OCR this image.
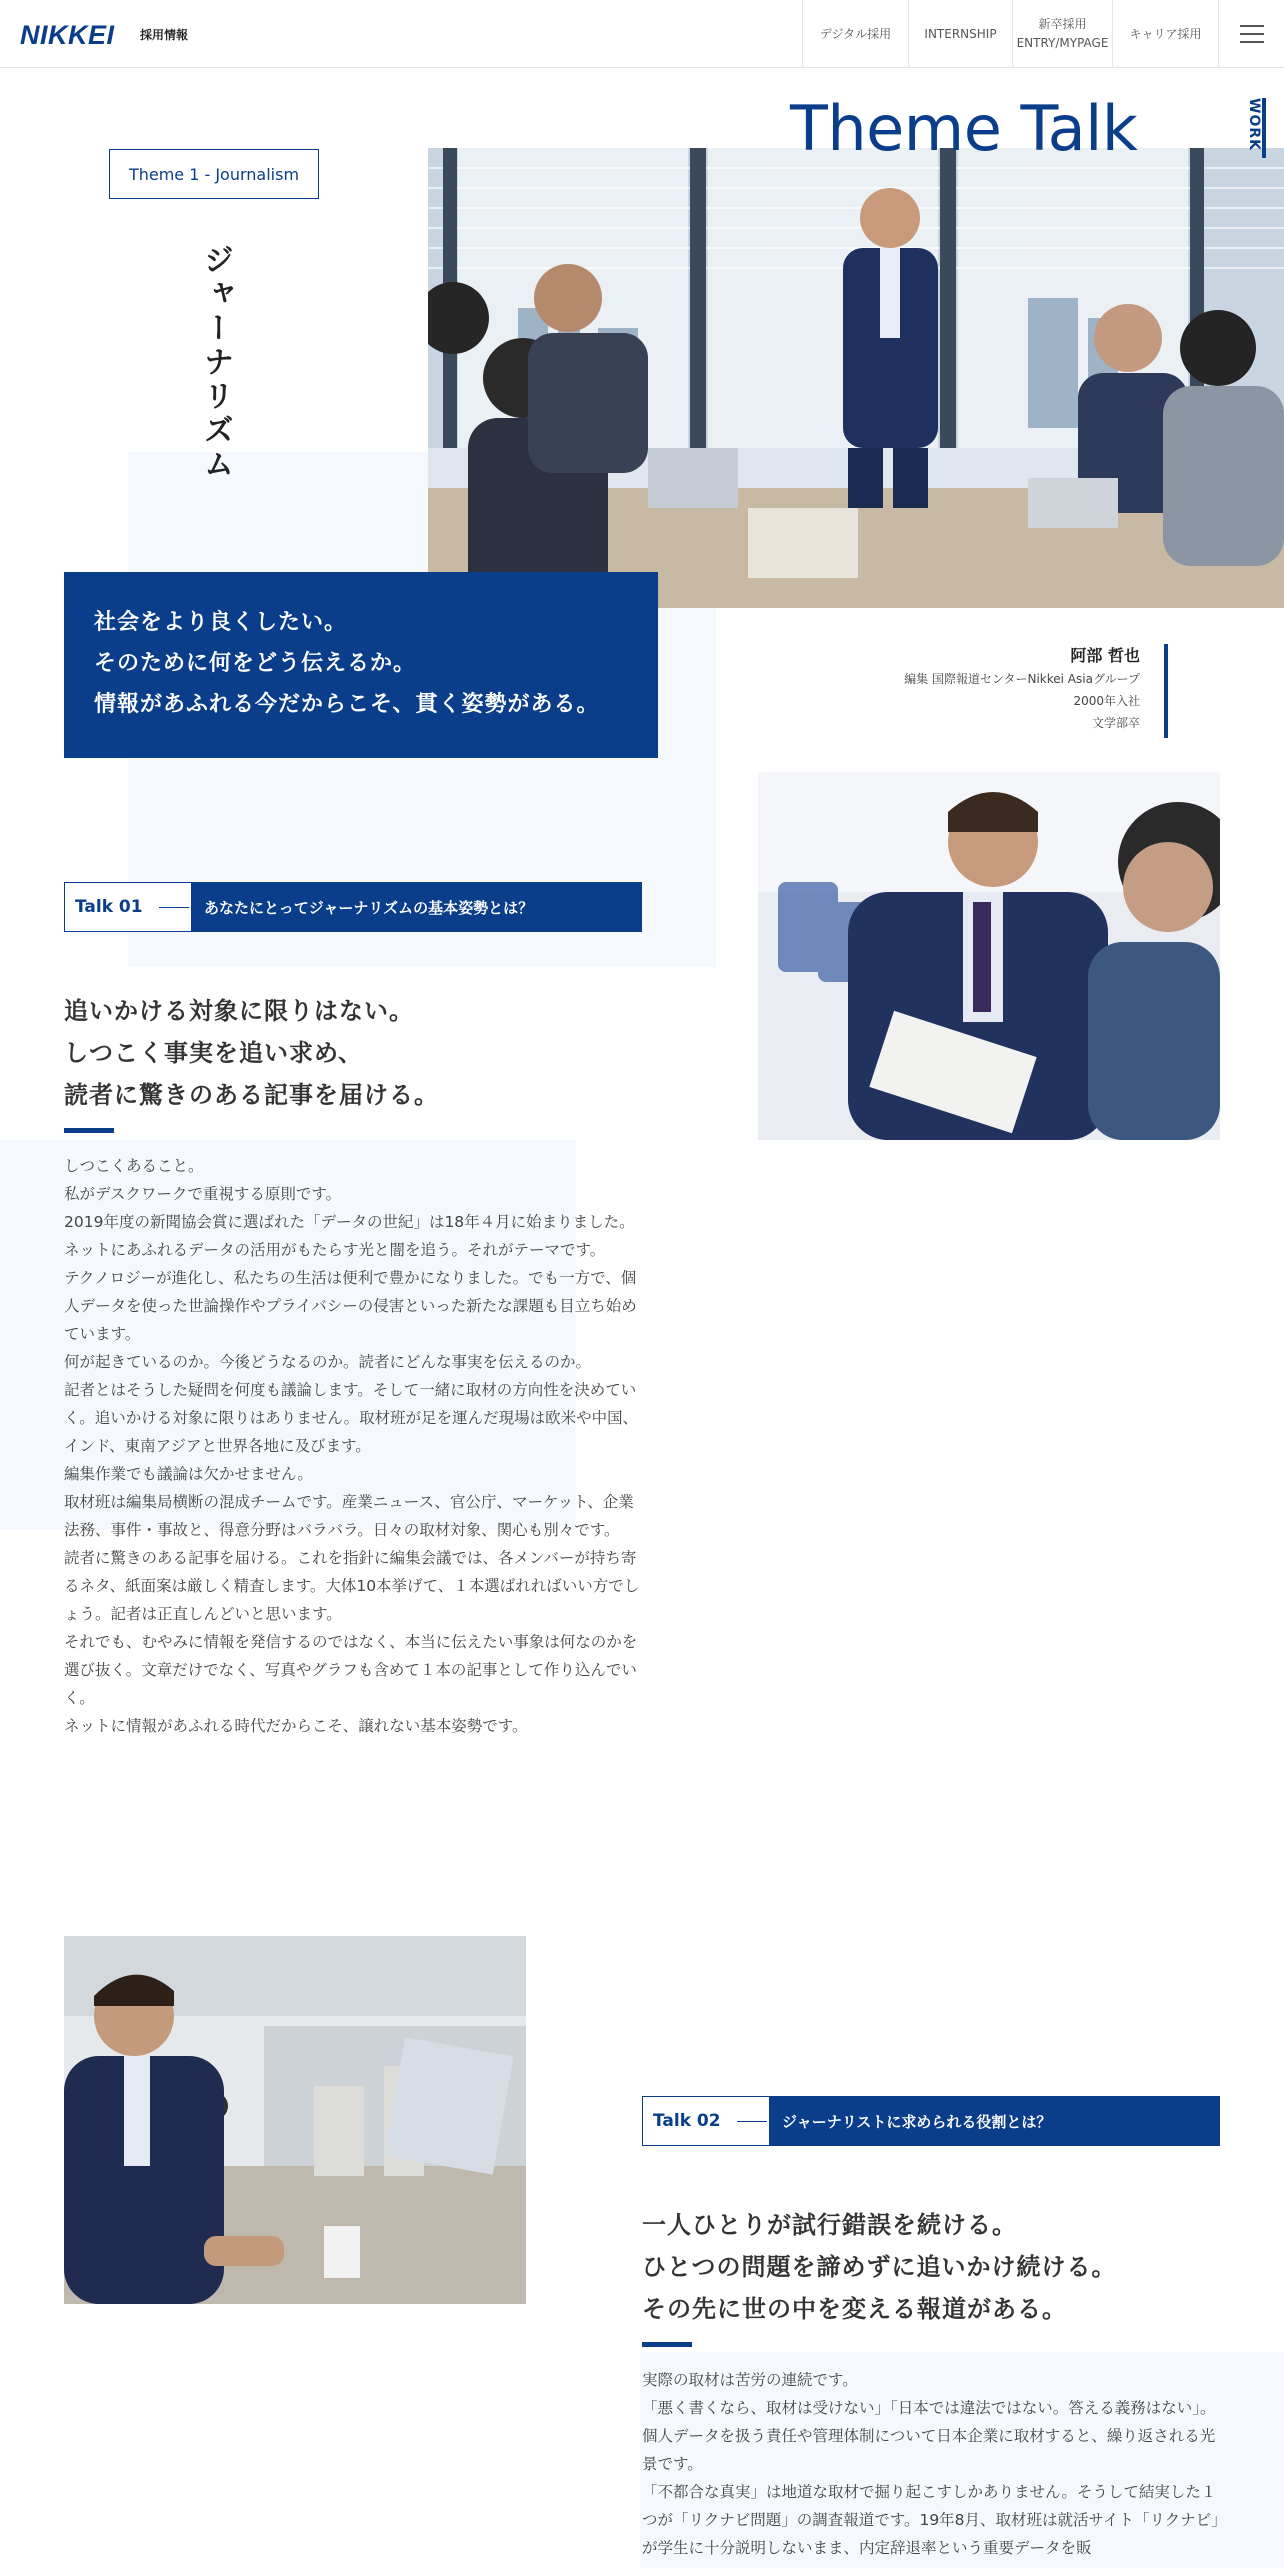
NIKKEI 採用情報	デジタル採用	INTERNSHIP
新卒採用
ENTRY/MYPAGE
キャリア採用
Theme Talk	WORK
Theme 1 - Journalism
ジャーナリズム

社会をより良くしたい。

そのために何をどう伝えるか。

情報があふれる今だからこそ、貫く姿勢がある。

阿部 哲也
編集 国際報道センターNikkei Asiaグループ
2000年入社
文学部卒
Talk 01	あなたにとってジャーナリズムの基本姿勢とは？
追いかける対象に限りはない。
しつこく事実を追い求め、
読者に驚きのある記事を届ける。

しつこくあること。

私がデスクワークで重視する原則です。

2019年度の新聞協会賞に選ばれた「データの世紀」は18年４月に始まりました。ネットにあふれるデータの活用がもたらす光と闇を追う。それがテーマです。

テクノロジーが進化し、私たちの生活は便利で豊かになりました。でも一方で、個人データを使った世論操作やプライバシーの侵害といった新たな課題も目立ち始めています。

何が起きているのか。今後どうなるのか。読者にどんな事実を伝えるのか。

記者とはそうした疑問を何度も議論します。そして一緒に取材の方向性を決めていく。追いかける対象に限りはありません。取材班が足を運んだ現場は欧米や中国、インド、東南アジアと世界各地に及びます。

編集作業でも議論は欠かせません。

取材班は編集局横断の混成チームです。産業ニュース、官公庁、マーケット、企業法務、事件・事故と、得意分野はバラバラ。日々の取材対象、関心も別々です。

読者に驚きのある記事を届ける。これを指針に編集会議では、各メンバーが持ち寄るネタ、紙面案は厳しく精査します。大体10本挙げて、１本選ばれればいい方でしょう。記者は正直しんどいと思います。

それでも、むやみに情報を発信するのではなく、本当に伝えたい事象は何なのかを選び抜く。文章だけでなく、写真やグラフも含めて１本の記事として作り込んでいく。

ネットに情報があふれる時代だからこそ、譲れない基本姿勢です。

Talk 02	ジャーナリストに求められる役割とは？
一人ひとりが試行錯誤を続ける。
ひとつの問題を諦めずに追いかけ続ける。
その先に世の中を変える報道がある。

実際の取材は苦労の連続です。

「悪く書くなら、取材は受けない」「日本では違法ではない。答える義務はない」。個人データを扱う責任や管理体制について日本企業に取材すると、繰り返される光景です。

「不都合な真実」は地道な取材で掘り起こすしかありません。そうして結実した１つが「リクナビ問題」の調査報道です。19年8月、取材班は就活サイト「リクナビ」が学生に十分説明しないまま、内定辞退率という重要データを販
